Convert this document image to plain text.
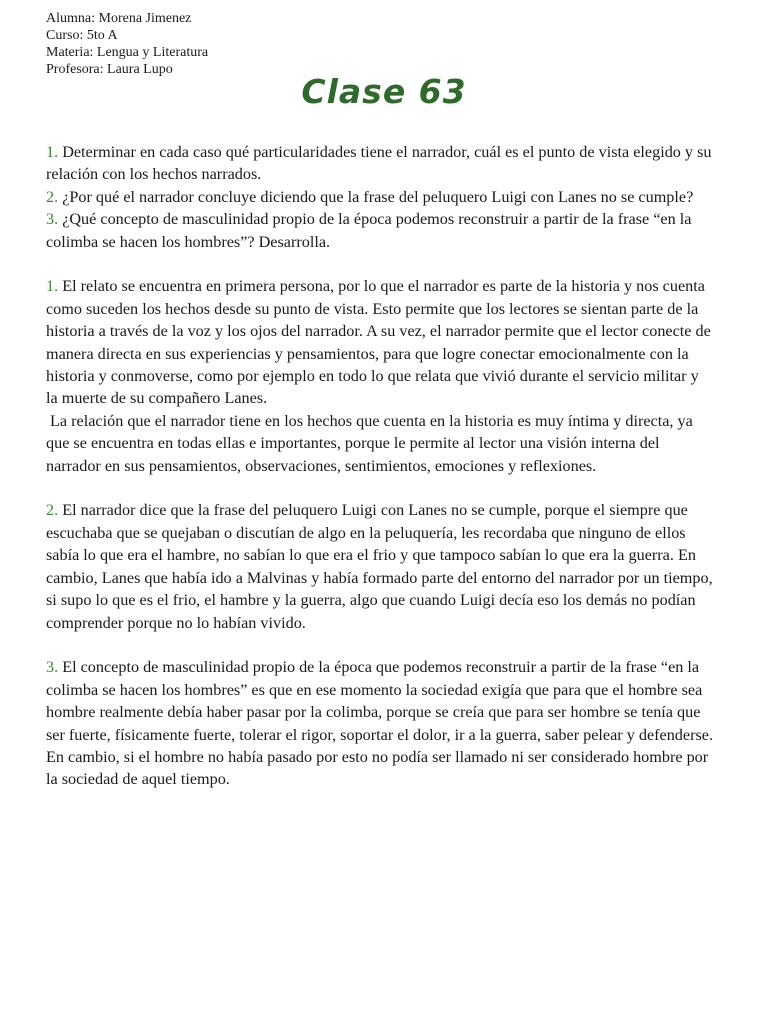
Alumna: Morena Jimenez
Curso: 5to A
Materia: Lengua y Literatura
Profesora: Laura Lupo
Clase 63

1. Determinar en cada caso qué particularidades tiene el narrador, cuál es el punto de vista elegido y su relación con los hechos narrados.

2. ¿Por qué el narrador concluye diciendo que la frase del peluquero Luigi con Lanes no se cumple?

3. ¿Qué concepto de masculinidad propio de la época podemos reconstruir a partir de la frase “en la colimba se hacen los hombres”? Desarrolla.

1. El relato se encuentra en primera persona, por lo que el narrador es parte de la historia y nos cuenta como suceden los hechos desde su punto de vista. Esto permite que los lectores se sientan parte de la historia a través de la voz y los ojos del narrador. A su vez, el narrador permite que el lector conecte de manera directa en sus experiencias y pensamientos, para que logre conectar emocionalmente con la historia y conmoverse, como por ejemplo en todo lo que relata que vivió durante el servicio militar y la muerte de su compañero Lanes.

La relación que el narrador tiene en los hechos que cuenta en la historia es muy íntima y directa, ya que se encuentra en todas ellas e importantes, porque le permite al lector una visión interna del narrador en sus pensamientos, observaciones, sentimientos, emociones y reflexiones.

2. El narrador dice que la frase del peluquero Luigi con Lanes no se cumple, porque el siempre que escuchaba que se quejaban o discutían de algo en la peluquería, les recordaba que ninguno de ellos sabía lo que era el hambre, no sabían lo que era el frio y que tampoco sabían lo que era la guerra. En cambio, Lanes que había ido a Malvinas y había formado parte del entorno del narrador por un tiempo, si supo lo que es el frio, el hambre y la guerra, algo que cuando Luigi decía eso los demás no podían comprender porque no lo habían vivido.

3. El concepto de masculinidad propio de la época que podemos reconstruir a partir de la frase “en la colimba se hacen los hombres” es que en ese momento la sociedad exigía que para que el hombre sea hombre realmente debía haber pasar por la colimba, porque se creía que para ser hombre se tenía que ser fuerte, físicamente fuerte, tolerar el rigor, soportar el dolor, ir a la guerra, saber pelear y defenderse. En cambio, si el hombre no había pasado por esto no podía ser llamado ni ser considerado hombre por la sociedad de aquel tiempo.
